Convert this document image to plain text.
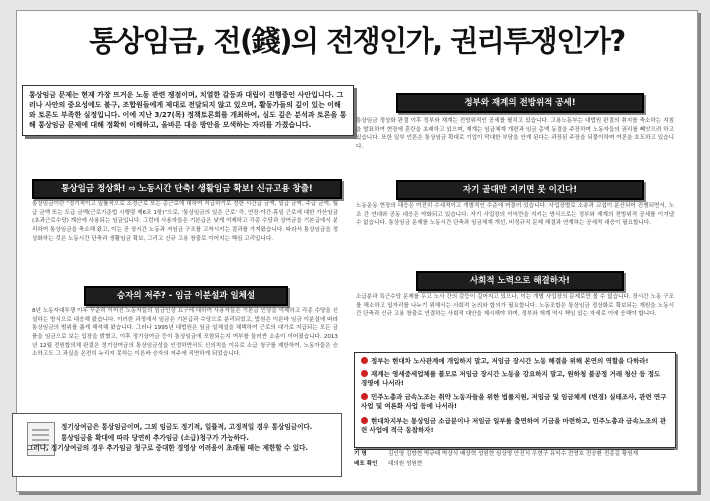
통상임금, 전(錢)의 전쟁인가, 권리투쟁인가?
통상임금 문제는 현재 가장 뜨거운 노동 관련 쟁점이며, 치열한 갈등과 대립이 진행중인 사안입니다. 그러나 사안의 중요성에도 불구, 조합원들에게 제대로 전달되지 않고 있으며, 활동가들의 깊이 있는 이해와 토론도 부족한 실정입니다. 이에 지난 3/27(목) 정책토론회를 개최하여, 심도 깊은 분석과 토론을 통해 통상임금 문제에 대해 정확히 이해하고, 올바른 대응 방안을 모색하는 자리를 가졌습니다.
통상임금 정상화! ⇨ 노동시간 단축! 생활임금 확보! 신규고용 창출!
통상임금이란 "정기적이고 일률적으로 소정근로 또는 총근로에 대하여 지급하기로 정한 시간급 금액, 일급 금액, 주급 금액, 월급 금액 또는 도급 금액(근로기준법 시행령 제6조 1항)"으로, '통상임금의 일은 근로' 즉, 연장·야간·휴일 근로에 대한 가산임금(초과근로수당) 계산에 사용되는 임금입니다. 그런데 사용자들은 기본급은 낮게 억제하고 각종 수당과 상여금을 기본급에서 분리하여 통상임금을 축소해 왔고, 이는 곧 장시간 노동과 저임금 구조를 고착시키는 결과를 가져왔습니다. 따라서 통상임금을 정상화하는 것은 노동시간 단축과 생활임금 확보, 그리고 신규 고용 창출로 이어지는 핵심 고리입니다.
승자의 저주? - 임금 이분설과 일체설
8년 노동자대투쟁 이후 꾸준히 이어진 노동자들의 임금인상 요구에 대하여 사용자들은 기본급 인상을 억제하고 각종 수당을 신설하는 방식으로 대응해 왔습니다. 이러한 과정에서 임금은 기본급과 수당으로 분리되었고, 법원은 이른바 임금 이분설에 따라 통상임금의 범위를 좁게 해석해 왔습니다. 그러나 1995년 대법원은 임금 일체설을 채택하여 근로의 대가로 지급되는 모든 금품을 임금으로 보는 입장을 밝혔고, 이후 정기상여금 등이 통상임금에 포함되는지 여부를 둘러싼 소송이 이어졌습니다. 2013년 12월 전원합의체 판결은 정기상여금의 통상임금성을 인정하면서도 신의칙을 이유로 소급 청구를 제한하여, 노동자들은 승소하고도 그 과실을 온전히 누리지 못하는 이른바 승자의 저주에 직면하게 되었습니다.
정기상여금은 통상임금이며, 그외 임금도 정기적, 일률적, 고정적일 경우 통상임금이다.
통상임금을 확대에 따라 당연히 추가임금 (소급)청구가 가능하다.
그러나, 정기상여금의 경우 추가임금 청구로 중대한 경영상 어려움이 초래될 때는 제한할 수 있다.
정부와 재계의 전방위적 공세!
통상임금 정상화 판결 이후 정부와 재계는 전방위적인 공세를 펼치고 있습니다. 고용노동부는 대법원 판결의 취지를 축소하는 지침을 발표하여 현장에 혼란을 초래하고 있으며, 재계는 임금체계 개편과 임금 총액 동결을 주장하며 노동자들의 권리를 빼앗으려 하고 있습니다. 또한 일부 언론은 통상임금 확대로 기업이 막대한 부담을 안게 된다는 과장된 주장을 되풀이하며 여론을 호도하고 있습니다.
자기 골대만 지키면 못 이긴다!
노동운동 현장의 대응은 여전히 수세적이고 개별적인 수준에 머물러 있습니다. 사업장별로 소송과 교섭이 분산되어 진행되면서, 노조 간 연대와 공동 대응은 약화되고 있습니다. 자기 사업장의 이익만을 지키는 방식으로는 정부와 재계의 전방위적 공세를 이겨낼 수 없습니다. 통상임금 문제를 노동시간 단축과 임금체계 개선, 비정규직 문제 해결과 연계하는 공세적 대응이 필요합니다.
사회적 노력으로 해결하자!
소급분과 특근수당 문제를 두고 노사 간의 갈등이 깊어지고 있으나, 이는 개별 사업장의 문제로만 볼 수 없습니다. 장시간 노동 구조를 해소하고 일자리를 나누기 위해서는 사회적 논의와 합의가 필요합니다. 노동조합은 통상임금 정상화로 확보되는 재원을 노동시간 단축과 신규 고용 창출로 연결하는 사회적 대안을 제시해야 하며, 정부와 재계 역시 책임 있는 자세로 이에 응해야 합니다.
정부는 현대차 노사관계에 개입하지 말고, 저임금 장시간 노동 해결을 위해 본연의 역할을 다하라!
재계는 영세중세업체를 볼모로 저임금 장시간 노동을 강요하지 말고, 원하청 불공정 거래 청산 등 정도 경영에 나서라!
민주노총과 금속노조는 취약 노동자들을 위한 법률지원, 저임금 및 임금체계 (변경) 실태조사, 관련 연구 사업 및 여론화 사업 등에 나서라!
현대차지부는 통상임금 소급분이나 저임금 일부를 출연하여 기금을 마련하고, 민주노총과 금속노조의 관련 사업에 적극 동참하자!
기 명	김인영 김방현 박규태 박상식 배상혁 성원현 심상영 안진식 우현구 유익수 전영호 전승환 전종길 황원재
배포 확인 대의원 성원현
